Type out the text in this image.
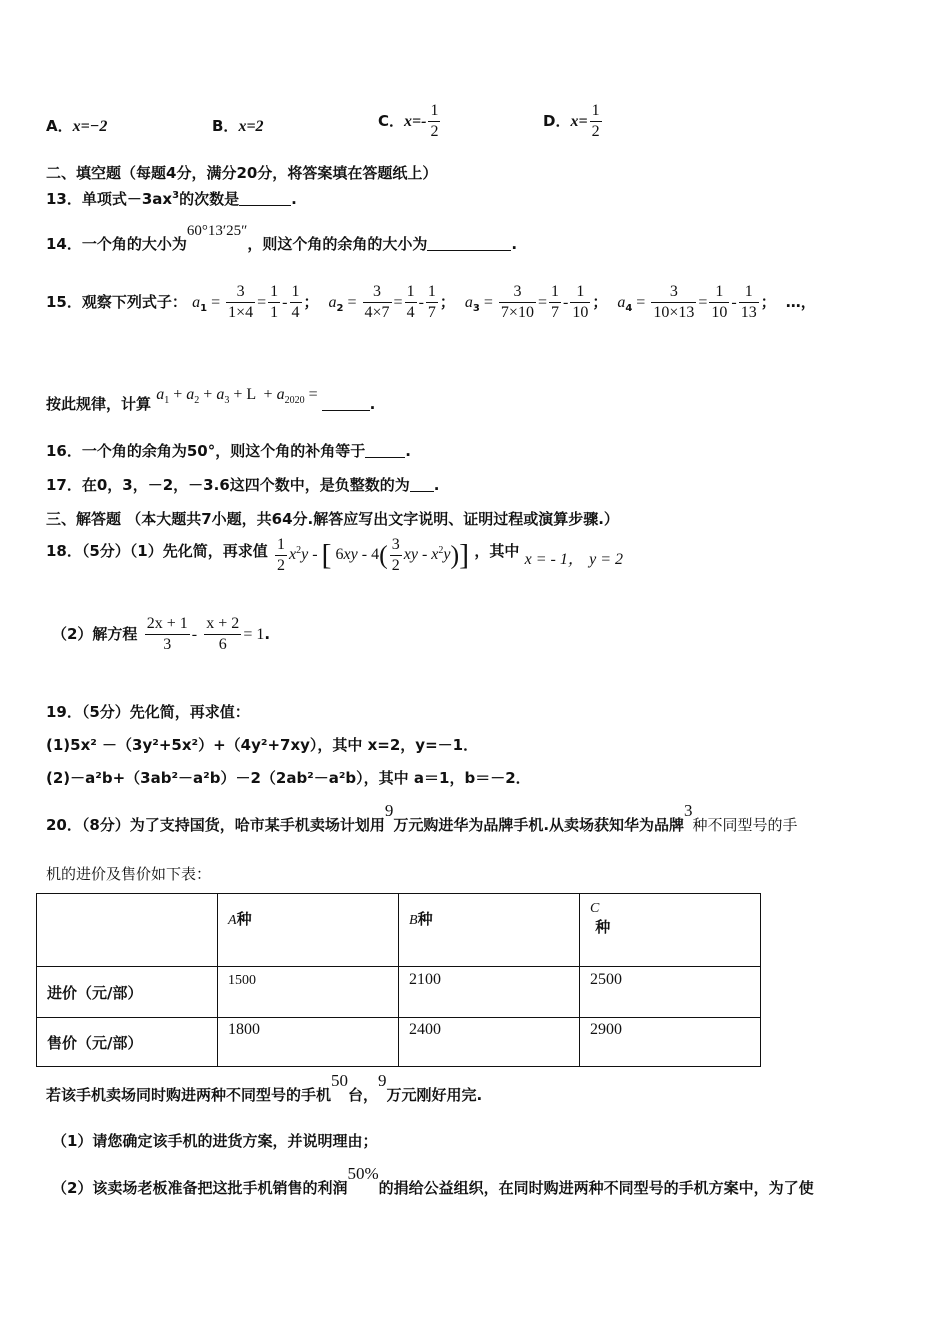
A．x=−2	B．x=2	C．$x=- \frac{1}{2}$	D．$x= \frac{1}{2}$
二、填空题（每题4分，满分20分，将答案填在答题纸上）
13．单项式$-3ax^3$的次数是	.
14．一个角的大小为60°13′25″，则这个角的余角的大小为	.
15．观察下列式子： $a_1 = \frac{3}{1\times 4} = \frac{1}{1} - \frac{1}{4}$ ； $a_2 = \frac{3}{4\times 7} = \frac{1}{4} - \frac{1}{7}$ ； $a_3 = \frac{3}{7\times 10} = \frac{1}{7} - \frac{1}{10}$ ； $a_4 = \frac{3}{10\times 13} = \frac{1}{10} - \frac{1}{13}$ ； …，
按此规律，计算 $a_1 + a_2 + a_3 + L + a_{2020}$ = .
16．一个角的余角为50°，则这个角的补角等于	.
17．在0，3，－2，－3.6这四个数中，是负整数的为 .
三、解答题 （本大题共7小题，共64分.解答应写出文字说明、证明过程或演算步骤.）
18．（5分）（1）先化简，再求值 $\frac{1}{2} x^2y$ - [ $6xy - 4( \frac{3}{2}$ xy - $x^2y$)] ，其中 x = - 1， y = 2
（2）解方程 $\frac{2x + 1}{3} - \frac{x + 2}{6} = 1$.
19．（5分）先化简，再求值：
(1)5x² －（3y²+5x²）+（4y²+7xy），其中 x=2，y=－1．
(2)－a²b+（3ab²－a²b）－2（2ab²－a²b），其中 a＝1，b＝－2．
20．（8分）为了支持国货，哈市某手机卖场计划用9万元购进华为品牌手机.从卖场获知华为品牌3种不同型号的手
机的进价及售价如下表：
	A种	B种	C
种
进价（元/部）	1500	2100	2500
售价（元/部）	1800	2400	2900
若该手机卖场同时购进两种不同型号的手机50台，9万元刚好用完.
（1）请您确定该手机的进货方案，并说明理由；
（2）该卖场老板准备把这批手机销售的利润50%的捐给公益组织，在同时购进两种不同型号的手机方案中，为了使
